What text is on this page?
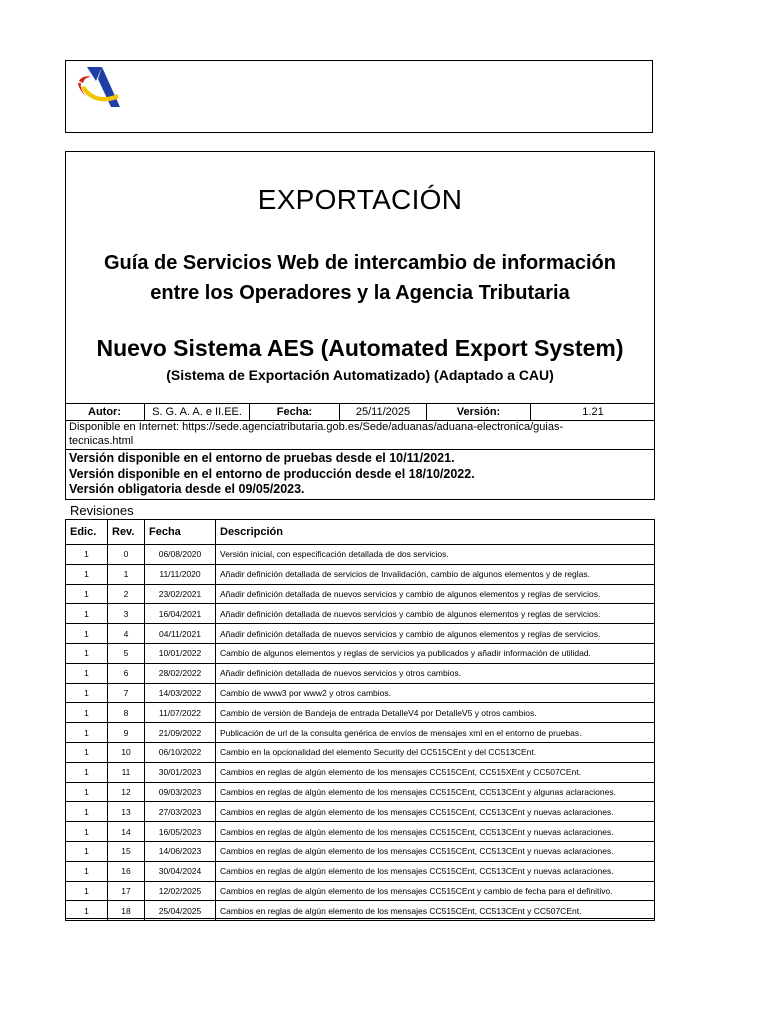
EXPORTACIÓN
Guía de Servicios Web de intercambio de información
entre los Operadores y la Agencia Tributaria
Nuevo Sistema AES (Automated Export System)
(Sistema de Exportación Automatizado) (Adaptado a CAU)
Autor:	S. G. A. A. e II.EE.	Fecha:	25/11/2025	Versión:	1.21
Disponible en Internet: https://sede.agenciatributaria.gob.es/Sede/aduanas/aduana-electronica/guias-tecnicas.html
Versión disponible en el entorno de pruebas desde el 10/11/2021.
Versión disponible en el entorno de producción desde el 18/10/2022.
Versión obligatoria desde el 09/05/2023.
Revisiones
Edic.	Rev.	Fecha	Descripción
1	0	06/08/2020	Versión inicial, con especificación detallada de dos servicios.
1	1	11/11/2020	Añadir definición detallada de servicios de Invalidación, cambio de algunos elementos y de reglas.
1	2	23/02/2021	Añadir definición detallada de nuevos servicios y cambio de algunos elementos y reglas de servicios.
1	3	16/04/2021	Añadir definición detallada de nuevos servicios y cambio de algunos elementos y reglas de servicios.
1	4	04/11/2021	Añadir definición detallada de nuevos servicios y cambio de algunos elementos y reglas de servicios.
1	5	10/01/2022	Cambio de algunos elementos y reglas de servicios ya publicados y añadir información de utilidad.
1	6	28/02/2022	Añadir definición detallada de nuevos servicios y otros cambios.
1	7	14/03/2022	Cambio de www3 por www2 y otros cambios.
1	8	11/07/2022	Cambio de versión de Bandeja de entrada DetalleV4 por DetalleV5 y otros cambios.
1	9	21/09/2022	Publicación de url de la consulta genérica de envíos de mensajes xml en el entorno de pruebas.
1	10	06/10/2022	Cambio en la opcionalidad del elemento Security del CC515CEnt y del CC513CEnt.
1	11	30/01/2023	Cambios en reglas de algún elemento de los mensajes CC515CEnt, CC515XEnt y CC507CEnt.
1	12	09/03/2023	Cambios en reglas de algún elemento de los mensajes CC515CEnt, CC513CEnt y algunas aclaraciones.
1	13	27/03/2023	Cambios en reglas de algún elemento de los mensajes CC515CEnt, CC513CEnt y nuevas aclaraciones.
1	14	16/05/2023	Cambios en reglas de algún elemento de los mensajes CC515CEnt, CC513CEnt y nuevas aclaraciones.
1	15	14/06/2023	Cambios en reglas de algún elemento de los mensajes CC515CEnt, CC513CEnt y nuevas aclaraciones.
1	16	30/04/2024	Cambios en reglas de algún elemento de los mensajes CC515CEnt, CC513CEnt y nuevas aclaraciones.
1	17	12/02/2025	Cambios en reglas de algún elemento de los mensajes CC515CEnt y cambio de fecha para el definitivo.
1	18	25/04/2025	Cambios en reglas de algún elemento de los mensajes CC515CEnt, CC513CEnt y CC507CEnt.
